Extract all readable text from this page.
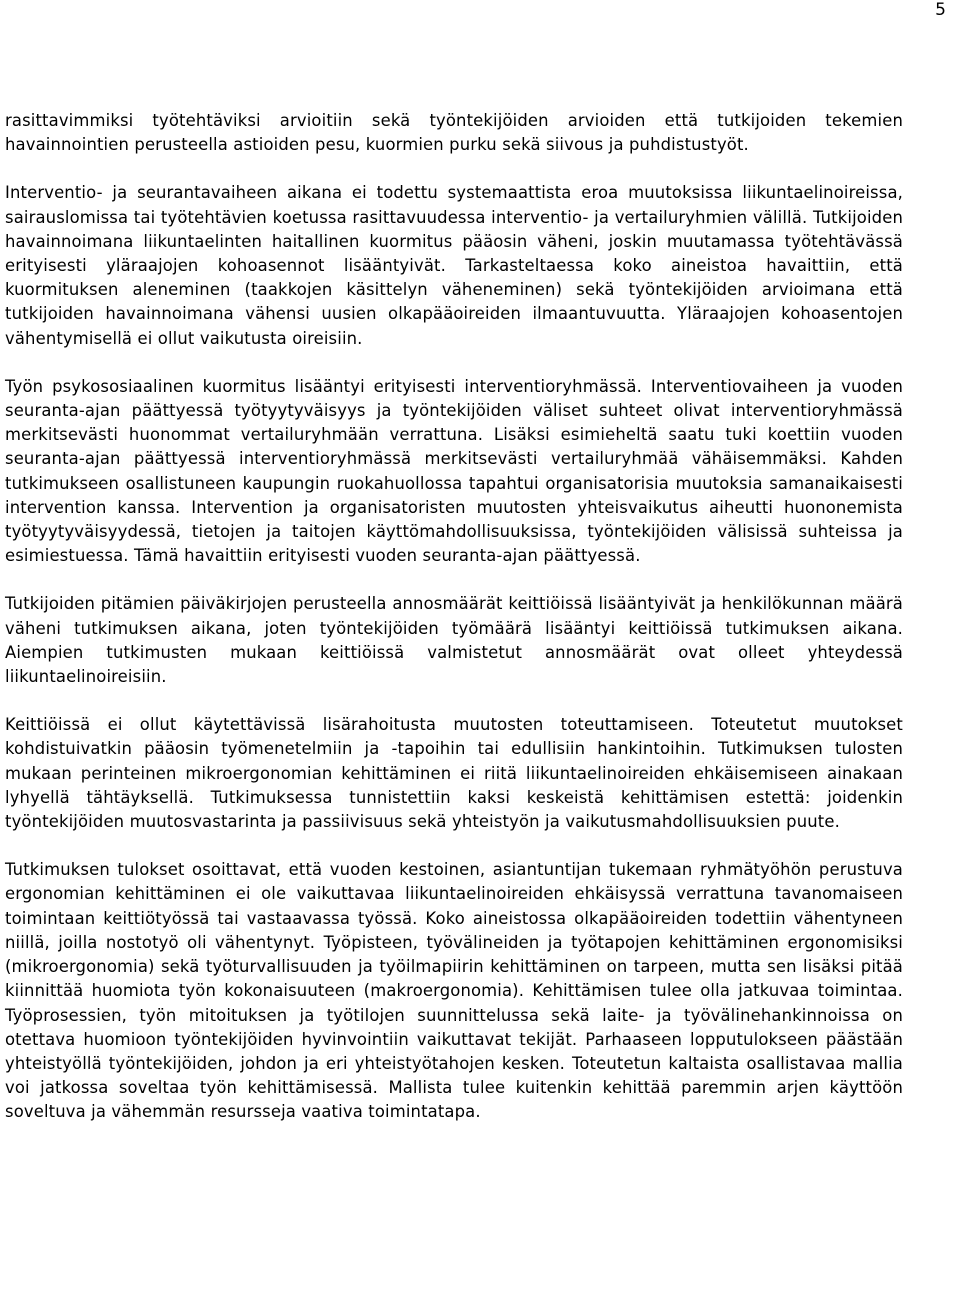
5

rasittavimmiksi työtehtäviksi arvioitiin sekä työntekijöiden arvioiden että tutkijoiden tekemien havainnointien perusteella astioiden pesu, kuormien purku sekä siivous ja puhdistustyöt.

Interventio- ja seurantavaiheen aikana ei todettu systemaattista eroa muutoksissa liikuntaelinoireissa, sairauslomissa tai työtehtävien koetussa rasittavuudessa interventio- ja vertailuryhmien välillä. Tutkijoiden havainnoimana liikuntaelinten haitallinen kuormitus pääosin väheni, joskin muutamassa työtehtävässä erityisesti yläraajojen kohoasennot lisääntyivät. Tarkasteltaessa koko aineistoa havaittiin, että kuormituksen aleneminen (taakkojen käsittelyn väheneminen) sekä työntekijöiden arvioimana että tutkijoiden havainnoimana vähensi uusien olkapääoireiden ilmaantuvuutta. Yläraajojen kohoasentojen vähentymisellä ei ollut vaikutusta oireisiin.

Työn psykososiaalinen kuormitus lisääntyi erityisesti interventioryhmässä. Interventiovaiheen ja vuoden seuranta-ajan päättyessä työtyytyväisyys ja työntekijöiden väliset suhteet olivat interventioryhmässä merkitsevästi huonommat vertailuryhmään verrattuna. Lisäksi esimieheltä saatu tuki koettiin vuoden seuranta-ajan päättyessä interventioryhmässä merkitsevästi vertailuryhmää vähäisemmäksi. Kahden tutkimukseen osallistuneen kaupungin ruokahuollossa tapahtui organisatorisia muutoksia samanaikaisesti intervention kanssa. Intervention ja organisatoristen muutosten yhteisvaikutus aiheutti huononemista työtyytyväisyydessä, tietojen ja taitojen käyttömahdollisuuksissa, työntekijöiden välisissä suhteissa ja esimiestuessa. Tämä havaittiin erityisesti vuoden seuranta-ajan päättyessä.

Tutkijoiden pitämien päiväkirjojen perusteella annosmäärät keittiöissä lisääntyivät ja henkilökunnan määrä väheni tutkimuksen aikana, joten työntekijöiden työmäärä lisääntyi keittiöissä tutkimuksen aikana. Aiempien tutkimusten mukaan keittiöissä valmistetut annosmäärät ovat olleet yhteydessä liikuntaelinoireisiin.

Keittiöissä ei ollut käytettävissä lisärahoitusta muutosten toteuttamiseen. Toteutetut muutokset kohdistuivatkin pääosin työmenetelmiin ja -tapoihin tai edullisiin hankintoihin. Tutkimuksen tulosten mukaan perinteinen mikroergonomian kehittäminen ei riitä liikuntaelinoireiden ehkäisemiseen ainakaan lyhyellä tähtäyksellä. Tutkimuksessa tunnistettiin kaksi keskeistä kehittämisen estettä: joidenkin työntekijöiden muutosvastarinta ja passiivisuus sekä yhteistyön ja vaikutusmahdollisuuksien puute.

Tutkimuksen tulokset osoittavat, että vuoden kestoinen, asiantuntijan tukemaan ryhmätyöhön perustuva ergonomian kehittäminen ei ole vaikuttavaa liikuntaelinoireiden ehkäisyssä verrattuna tavanomaiseen toimintaan keittiötyössä tai vastaavassa työssä. Koko aineistossa olkapääoireiden todettiin vähentyneen niillä, joilla nostotyö oli vähentynyt. Työpisteen, työvälineiden ja työtapojen kehittäminen ergonomisiksi (mikroergonomia) sekä työturvallisuuden ja työilmapiirin kehittäminen on tarpeen, mutta sen lisäksi pitää kiinnittää huomiota työn kokonaisuuteen (makroergonomia). Kehittämisen tulee olla jatkuvaa toimintaa. Työprosessien, työn mitoituksen ja työtilojen suunnittelussa sekä laite- ja työvälinehankinnoissa on otettava huomioon työntekijöiden hyvinvointiin vaikuttavat tekijät. Parhaaseen lopputulokseen päästään yhteistyöllä työntekijöiden, johdon ja eri yhteistyötahojen kesken. Toteutetun kaltaista osallistavaa mallia voi jatkossa soveltaa työn kehittämisessä. Mallista tulee kuitenkin kehittää paremmin arjen käyttöön soveltuva ja vähemmän resursseja vaativa toimintatapa.
